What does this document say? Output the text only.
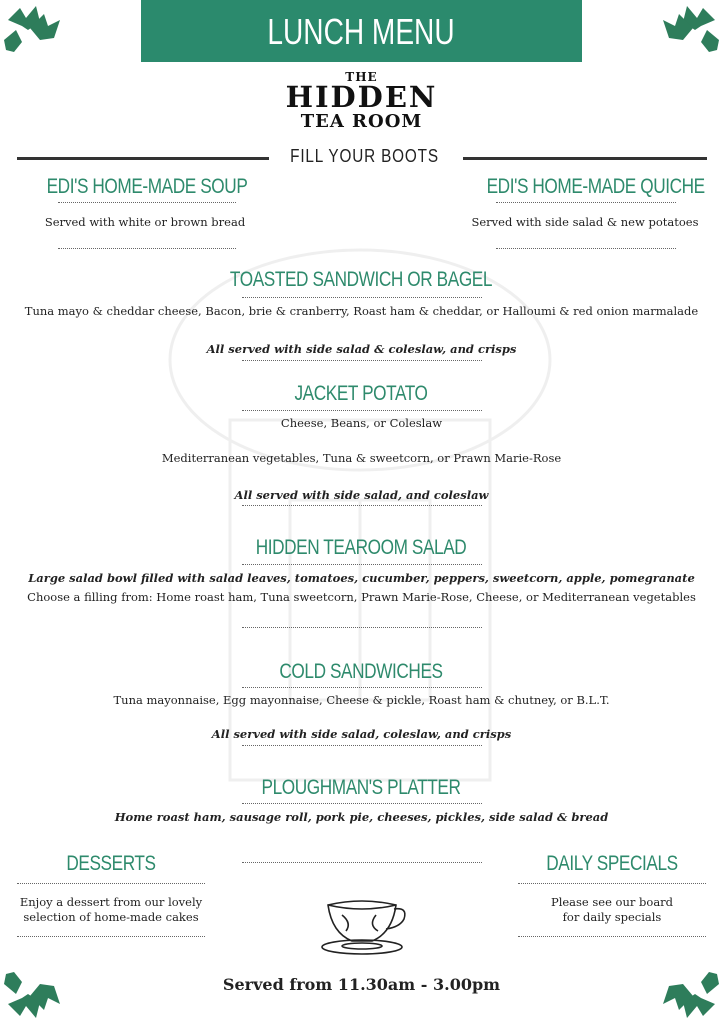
LUNCH MENU
THE
HIDDEN
TEA ROOM
FILL YOUR BOOTS
EDI'S HOME-MADE SOUP
Served with white or brown bread
EDI'S HOME-MADE QUICHE
Served with side salad & new potatoes
TOASTED SANDWICH OR BAGEL
Tuna mayo & cheddar cheese, Bacon, brie & cranberry, Roast ham & cheddar, or Halloumi & red onion marmalade
All served with side salad & coleslaw, and crisps
JACKET POTATO
Cheese, Beans, or Coleslaw
Mediterranean vegetables, Tuna & sweetcorn, or Prawn Marie-Rose
All served with side salad, and coleslaw
HIDDEN TEAROOM SALAD
Large salad bowl filled with salad leaves, tomatoes, cucumber, peppers, sweetcorn, apple, pomegranate
Choose a filling from: Home roast ham, Tuna sweetcorn, Prawn Marie-Rose, Cheese, or Mediterranean vegetables
COLD SANDWICHES
Tuna mayonnaise, Egg mayonnaise, Cheese & pickle, Roast ham & chutney, or B.L.T.
All served with side salad, coleslaw, and crisps
PLOUGHMAN'S PLATTER
Home roast ham, sausage roll, pork pie, cheeses, pickles, side salad & bread
DESSERTS
Enjoy a dessert from our lovely
selection of home-made cakes
DAILY SPECIALS
Please see our board
for daily specials
Served from 11.30am - 3.00pm
